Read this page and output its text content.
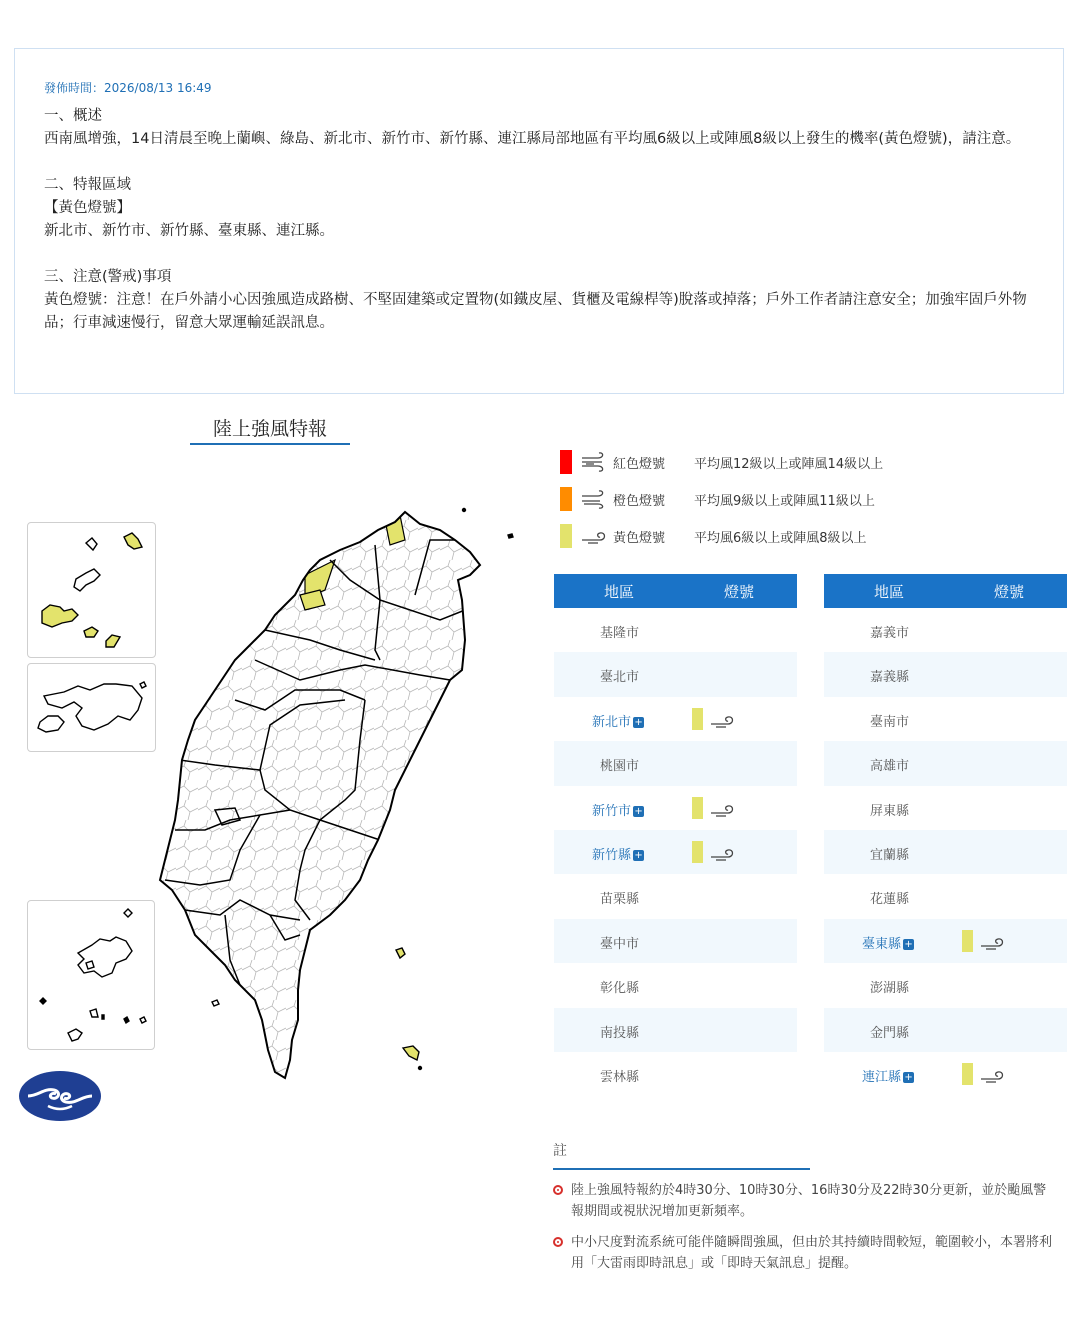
發佈時間：2026/08/13 16:49

一、概述

西南風增強，14日清晨至晚上蘭嶼、綠島、新北市、新竹市、新竹縣、連江縣局部地區有平均風6級以上或陣風8級以上發生的機率(黃色燈號)，請注意。

二、特報區域

【黃色燈號】

新北市、新竹市、新竹縣、臺東縣、連江縣。

三、注意(警戒)事項

黃色燈號：注意！在戶外請小心因強風造成路樹、不堅固建築或定置物(如鐵皮屋、貨櫃及電線桿等)脫落或掉落；戶外工作者請注意安全；加強牢固戶外物品；行車減速慢行，留意大眾運輸延誤訊息。

陸上強風特報
紅色燈號 平均風12級以上或陣風14級以上
橙色燈號 平均風9級以上或陣風11級以上
黃色燈號 平均風6級以上或陣風8級以上
地區	燈號
基隆市
臺北市
新北市 +
桃園市
新竹市 +
新竹縣 +
苗栗縣
臺中市
彰化縣
南投縣
雲林縣
地區	燈號
嘉義市
嘉義縣
臺南市
高雄市
屏東縣
宜蘭縣
花蓮縣
臺東縣 +
澎湖縣
金門縣
連江縣 +
註
陸上強風特報約於4時30分、10時30分、16時30分及22時30分更新，並於颱風警報期間或視狀況增加更新頻率。
中小尺度對流系統可能伴隨瞬間強風，但由於其持續時間較短，範圍較小，本署將利用「大雷雨即時訊息」或「即時天氣訊息」提醒。
